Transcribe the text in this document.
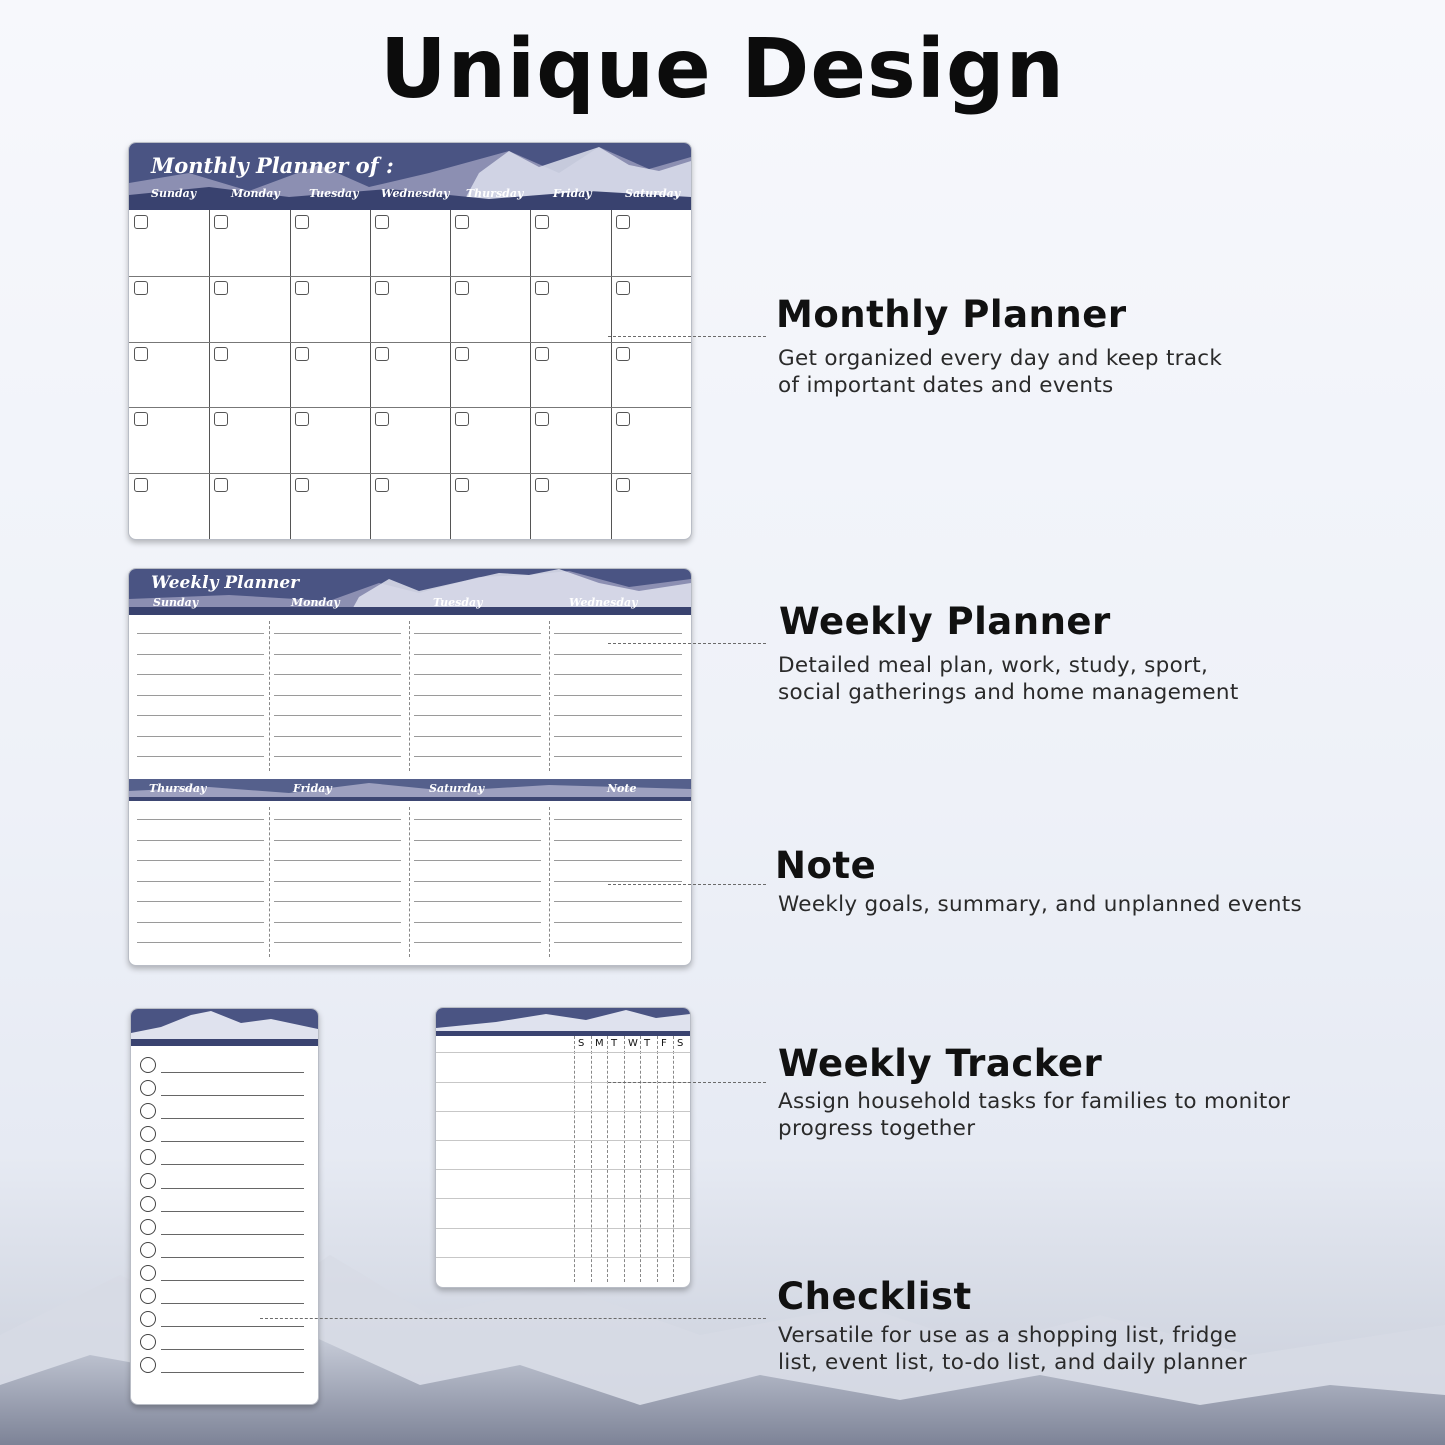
Unique Design
Monthly Planner of :
Sunday	Monday	Tuesday Wednesday Thursday	Friday	Saturday
Weekly Planner
Sunday	Monday	Tuesday	Wednesday
Thursday	Friday	Saturday	Note
S M T W T F S
Monthly Planner
Get organized every day and keep track
of important dates and events
Weekly Planner
Detailed meal plan, work, study, sport,
social gatherings and home management
Note
Weekly goals, summary, and unplanned events
Weekly Tracker
Assign household tasks for families to monitor
progress together
Checklist
Versatile for use as a shopping list, fridge
list, event list, to-do list, and daily planner
